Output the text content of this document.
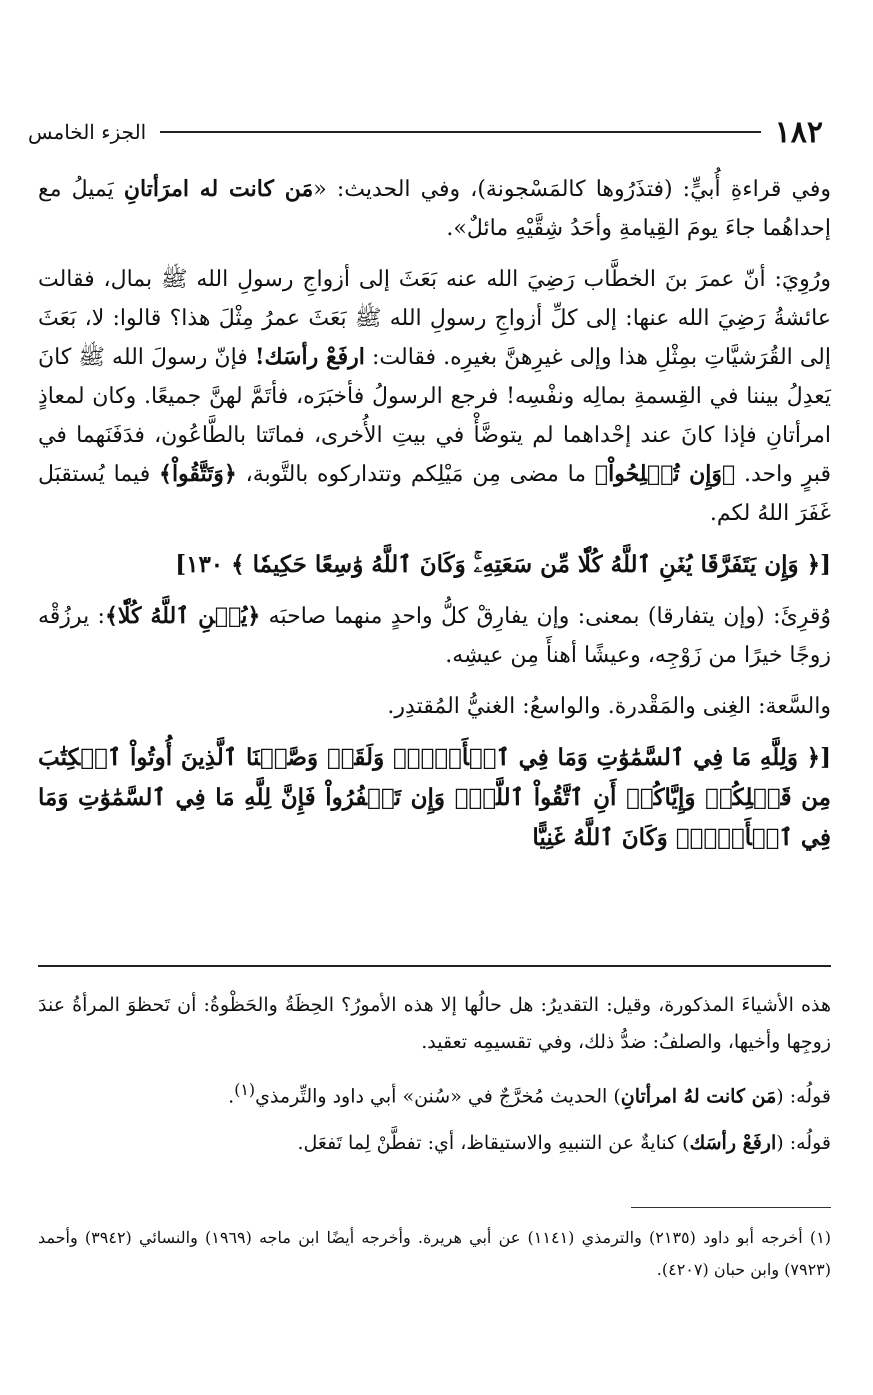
١٨٢
الجزء الخامس

وفي قراءةِ أُبيٍّ: (فتذَرُوها كالمَسْجونة)، وفي الحديث: «مَن كانت له امرَأتانِ يَميلُ مع إحداهُما جاءَ يومَ القِيامةِ وأحَدُ شِقَّيْهِ مائلٌ».

ورُوِيَ: أنّ عمرَ بنَ الخطَّاب رَضِيَ الله عنه بَعَثَ إلى أزواجِ رسولِ الله ﷺ بمال، فقالت عائشةُ رَضِيَ الله عنها: إلى كلِّ أزواجِ رسولِ الله ﷺ بَعَثَ عمرُ مِثْلَ هذا؟ قالوا: لا، بَعَثَ إلى القُرَشيَّاتِ بمِثْلِ هذا وإلى غيرِهنَّ بغيرِه. فقالت: ارفَعْ رأسَك! فإنّ رسولَ الله ﷺ كانَ يَعدِلُ بيننا في القِسمةِ بمالِه ونفْسِه! فرجع الرسولُ فأخبَرَه، فأتَمَّ لهنَّ جميعًا. وكان لمعاذٍ امرأتانِ فإذا كانَ عند إحْداهما لم يتوضَّأْ في بيتِ الأُخرى، فماتَتا بالطَّاعُون، فدَفَنَهما في قبرٍ واحد. ﴿وَإِن تُصۡلِحُواْ﴾ ما مضى مِن مَيْلِكم وتتداركوه بالتَّوبة، ﴿وَتَتَّقُواْ﴾ فيما يُستقبَل غَفَرَ اللهُ لكم.

[﴿ وَإِن يَتَفَرَّقَا يُغۡنِ ٱللَّهُ كُلّٗا مِّن سَعَتِهِۦۚ وَكَانَ ٱللَّهُ وَٰسِعًا حَكِيمٗا ﴾ ١٣٠]

وُقرِئَ: (وإن يتفارقا) بمعنى: وإن يفارِقْ كلُّ واحدٍ منهما صاحبَه ﴿يُغۡنِ ٱللَّهُ كُلّٗا﴾: يرزُقْه زوجًا خيرًا من زَوْجِه، وعيشًا أهنأَ مِن عيشِه.

والسَّعة: الغِنى والمَقْدرة. والواسعُ: الغنيُّ المُقتدِر.

[﴿ وَلِلَّهِ مَا فِي ٱلسَّمَٰوَٰتِ وَمَا فِي ٱلۡأَرۡضِۗ وَلَقَدۡ وَصَّيۡنَا ٱلَّذِينَ أُوتُواْ ٱلۡكِتَٰبَ مِن قَبۡلِكُمۡ وَإِيَّاكُمۡ أَنِ ٱتَّقُواْ ٱللَّهَۚ وَإِن تَكۡفُرُواْ فَإِنَّ لِلَّهِ مَا فِي ٱلسَّمَٰوَٰتِ وَمَا فِي ٱلۡأَرۡضِۚ وَكَانَ ٱللَّهُ غَنِيًّا

هذه الأشياءَ المذكورة، وقيل: التقديرُ: هل حالُها إلا هذه الأمورُ؟ الحِظَةُ والحَظْوةُ: أن تَحظوَ المرأةُ عندَ زوجِها وأخيها، والصلفُ: ضدُّ ذلك، وفي تقسيمِه تعقيد.

قولُه: (مَن كانت لهُ امرأتانِ) الحديث مُخرَّجٌ في «سُنن» أبي داود والتِّرمذي$^{(١)}$.

قولُه: (ارفَعْ رأسَك) كنايةٌ عن التنبيهِ والاستيقاظ، أي: تفطَّنْ لِما تَفعَل.

(١) أخرجه أبو داود (٢١٣٥) والترمذي (١١٤١) عن أبي هريرة. وأخرجه أيضًا ابن ماجه (١٩٦٩) والنسائي (٣٩٤٢) وأحمد (٧٩٢٣) وابن حبان (٤٢٠٧).
